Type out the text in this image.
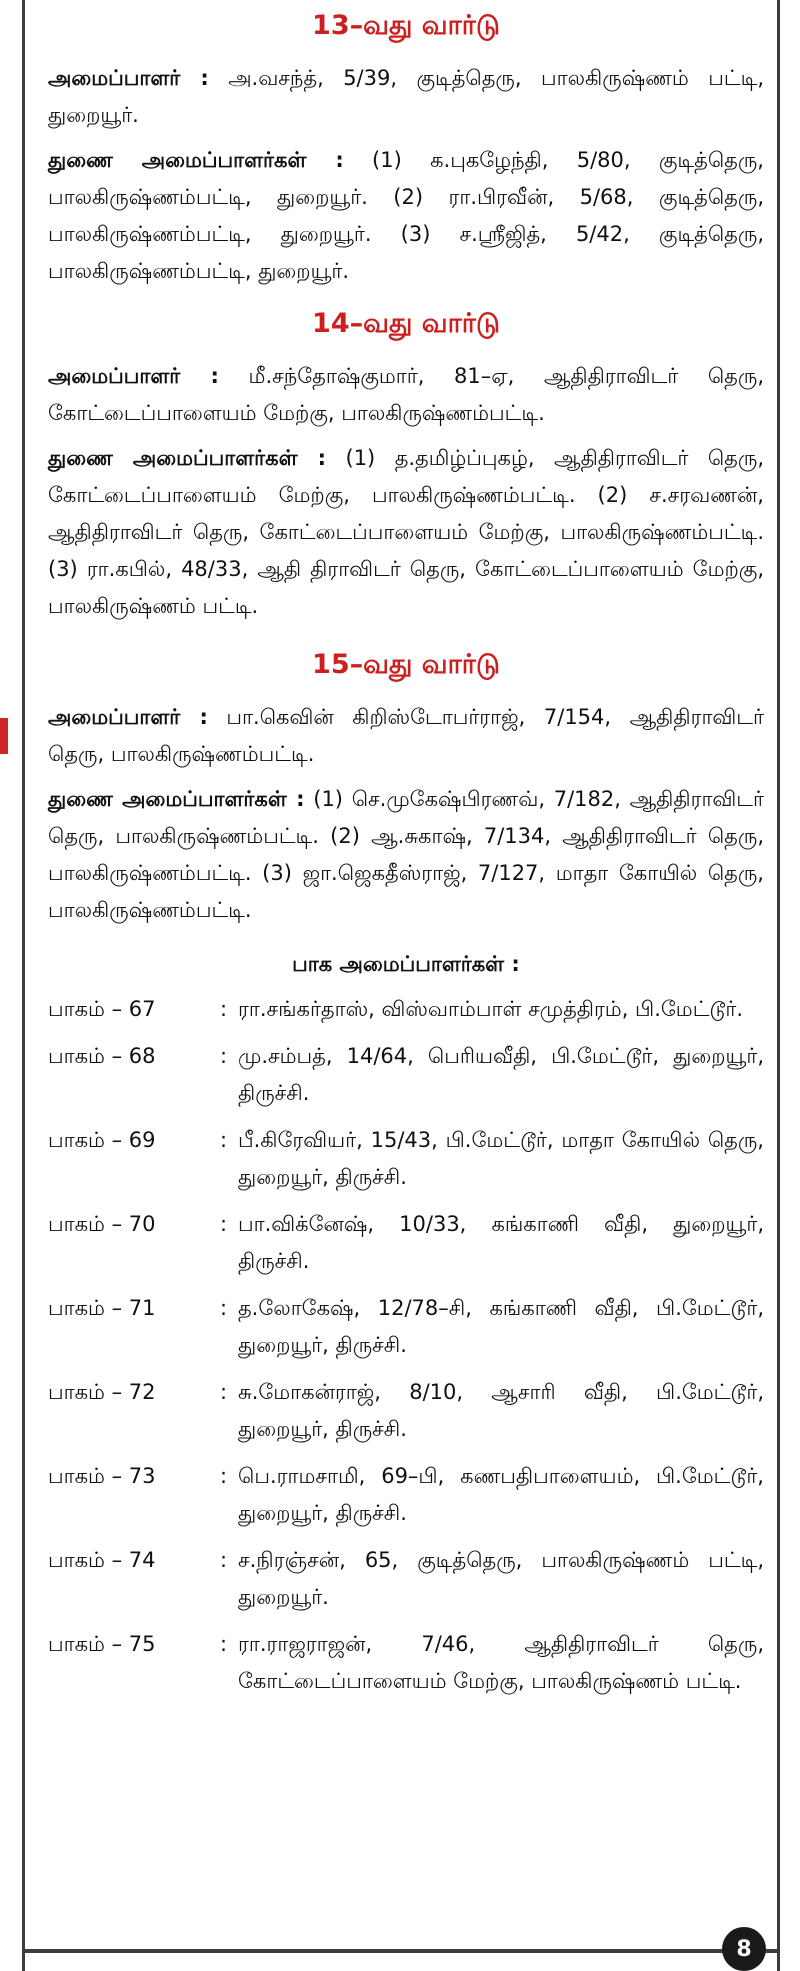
13–வது வார்டு

அமைப்பாளர் : அ.வசந்த், 5/39, குடித்தெரு, பாலகிருஷ்ணம் பட்டி, துறையூர்.

துணை அமைப்பாளர்கள் : (1) க.புகழேந்தி, 5/80, குடித்தெரு, பாலகிருஷ்ணம்பட்டி, துறையூர். (2) ரா.பிரவீன், 5/68, குடித்தெரு, பாலகிருஷ்ணம்பட்டி, துறையூர். (3) ச.ஸ்ரீஜித், 5/42, குடித்தெரு, பாலகிருஷ்ணம்பட்டி, துறையூர்.

14–வது வார்டு

அமைப்பாளர் : மீ.சந்தோஷ்குமார், 81–ஏ, ஆதிதிராவிடர் தெரு, கோட்டைப்பாளையம் மேற்கு, பாலகிருஷ்ணம்பட்டி.

துணை அமைப்பாளர்கள் : (1) த.தமிழ்ப்புகழ், ஆதிதிராவிடர் தெரு, கோட்டைப்பாளையம் மேற்கு, பாலகிருஷ்ணம்பட்டி. (2) ச.சரவணன், ஆதிதிராவிடர் தெரு, கோட்டைப்பாளையம் மேற்கு, பாலகிருஷ்ணம்பட்டி. (3) ரா.கபில், 48/33, ஆதி திராவிடர் தெரு, கோட்டைப்பாளையம் மேற்கு, பாலகிருஷ்ணம் பட்டி.

15–வது வார்டு

அமைப்பாளர் : பா.கெவின் கிறிஸ்டோபர்ராஜ், 7/154, ஆதிதிராவிடர் தெரு, பாலகிருஷ்ணம்பட்டி.

துணை அமைப்பாளர்கள் : (1) செ.முகேஷ்பிரணவ், 7/182, ஆதிதிராவிடர் தெரு, பாலகிருஷ்ணம்பட்டி. (2) ஆ.சுகாஷ், 7/134, ஆதிதிராவிடர் தெரு, பாலகிருஷ்ணம்பட்டி. (3) ஜா.ஜெகதீஸ்ராஜ், 7/127, மாதா கோயில் தெரு, பாலகிருஷ்ணம்பட்டி.

பாக அமைப்பாளர்கள் :
பாகம் – 67	: ரா.சங்கர்தாஸ், விஸ்வாம்பாள் சமுத்திரம், பி.மேட்டூர்.
பாகம் – 68	: மு.சம்பத், 14/64, பெரியவீதி, பி.மேட்டூர், துறையூர், திருச்சி.
பாகம் – 69	: பீ.கிரேவியர், 15/43, பி.மேட்டூர், மாதா கோயில் தெரு, துறையூர், திருச்சி.
பாகம் – 70	: பா.விக்னேஷ், 10/33, கங்காணி வீதி, துறையூர், திருச்சி.
பாகம் – 71	: த.லோகேஷ், 12/78–சி, கங்காணி வீதி, பி.மேட்டூர், துறையூர், திருச்சி.
பாகம் – 72	: சு.மோகன்ராஜ், 8/10, ஆசாரி வீதி, பி.மேட்டூர், துறையூர், திருச்சி.
பாகம் – 73	: பெ.ராமசாமி, 69–பி, கணபதிபாளையம், பி.மேட்டூர், துறையூர், திருச்சி.
பாகம் – 74	: ச.நிரஞ்சன், 65, குடித்தெரு, பாலகிருஷ்ணம் பட்டி, துறையூர்.
பாகம் – 75	: ரா.ராஜராஜன், 7/46, ஆதிதிராவிடர் தெரு, கோட்டைப்பாளையம் மேற்கு, பாலகிருஷ்ணம் பட்டி.
8
